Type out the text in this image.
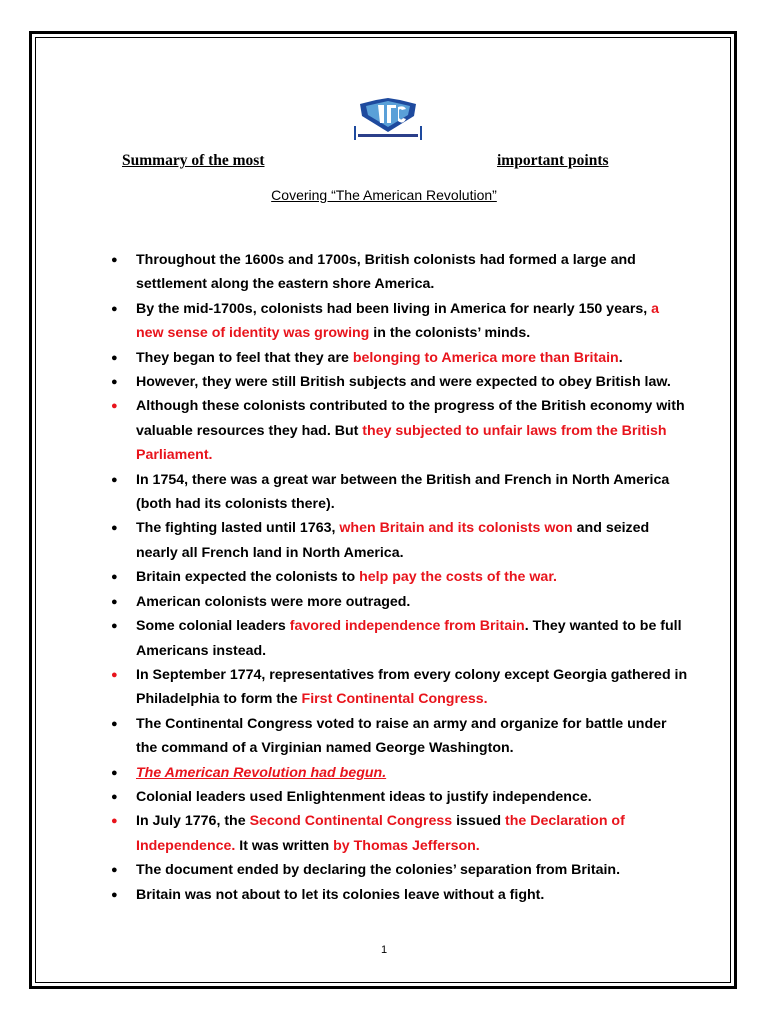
Summary of the most	important points
Covering “The American Revolution”
● Throughout the 1600s and 1700s, British colonists had formed a large and settlement along the eastern shore America.
● By the mid-1700s, colonists had been living in America for nearly 150 years, a new sense of identity was growing in the colonists’ minds.
● They began to feel that they are belonging to America more than Britain.
● However, they were still British subjects and were expected to obey British law.
● Although these colonists contributed to the progress of the British economy with valuable resources they had. But they subjected to unfair laws from the British Parliament.
● In 1754, there was a great war between the British and French in North America (both had its colonists there).
● The fighting lasted until 1763, when Britain and its colonists won and seized nearly all French land in North America.
● Britain expected the colonists to help pay the costs of the war.
● American colonists were more outraged.
● Some colonial leaders favored independence from Britain. They wanted to be full Americans instead.
● In September 1774, representatives from every colony except Georgia gathered in Philadelphia to form the First Continental Congress.
● The Continental Congress voted to raise an army and organize for battle under the command of a Virginian named George Washington.
● The American Revolution had begun.
● Colonial leaders used Enlightenment ideas to justify independence.
● In July 1776, the Second Continental Congress issued the Declaration of Independence. It was written by Thomas Jefferson.
● The document ended by declaring the colonies’ separation from Britain.
● Britain was not about to let its colonies leave without a fight.
1
